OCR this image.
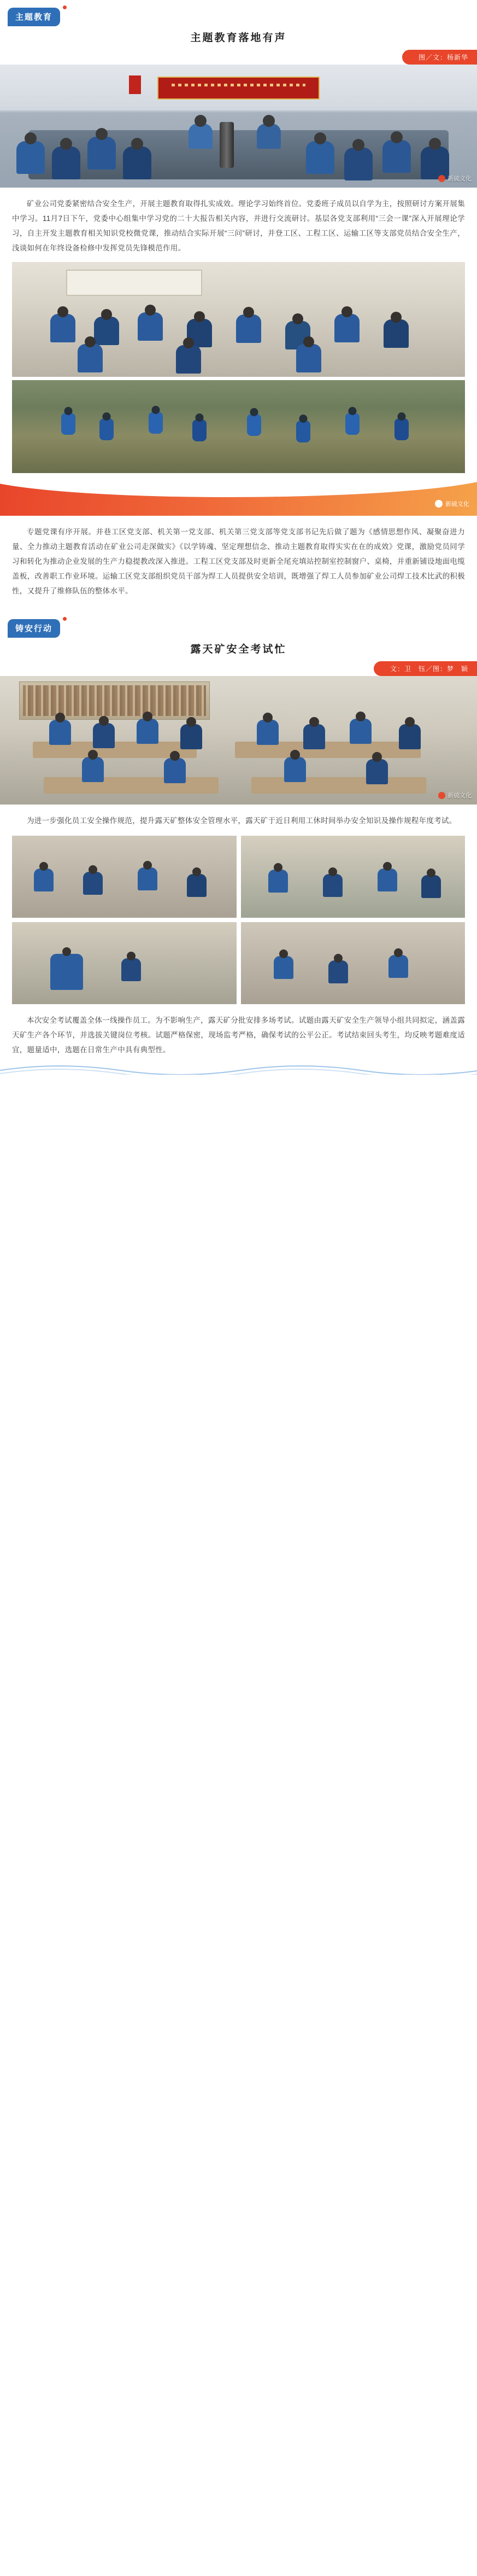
主题教育
主题教育落地有声
图／文：杨新华
新硫文化

矿业公司党委紧密结合安全生产，开展主题教育取得扎实成效。理论学习始终首位。党委班子成员以自学为主，按照研讨方案开展集中学习。11月7日下午，党委中心组集中学习党的二十大报告相关内容，并进行交流研讨。基层各党支部利用“三会一课”深入开展理论学习，自主开发主题教育相关知识党校微党课，推动结合实际开展“三问”研讨，并登工区、工程工区、运输工区等支部党员结合安全生产，浅谈如何在年终设备检修中发挥党员先锋模范作用。

新硫文化

专题党课有序开展。并巷工区党支部、机关第一党支部、机关第三党支部等党支部书记先后做了题为《感情思想作风、凝聚奋进力量、全力推动主题教育活动在矿业公司走深做实》《以学铸魂、坚定理想信念、推动主题教育取得实实在在的成效》党课，激励党员同学习和转化为推动企业发展的生产力稳提教改深入推进。工程工区党支部及时更新全尾充填站控制室控制窗户、桌椅，并重新铺设地面电缆盖板，改善职工作业环境。运输工区党支部组织党员干部为焊工人员提供安全培训，既增强了焊工人员参加矿业公司焊工技术比武的积极性，又提升了维修队伍的整体水平。

铸安行动
露天矿安全考试忙
文：卫　钰／图：梦　颖
新硫文化

为进一步强化员工安全操作规范，提升露天矿整体安全管理水平，露天矿于近日利用工休时间举办安全知识及操作规程年度考试。

本次安全考试覆盖全体一线操作员工。为不影响生产，露天矿分批安排多场考试。试题由露天矿安全生产领导小组共同拟定，涵盖露天矿生产各个环节，并选拔关键岗位考核。试题严格保密，现场监考严格，确保考试的公平公正。考试结束回头考生，均反映考题难度适宜，题量适中，选题在日常生产中具有典型性。
